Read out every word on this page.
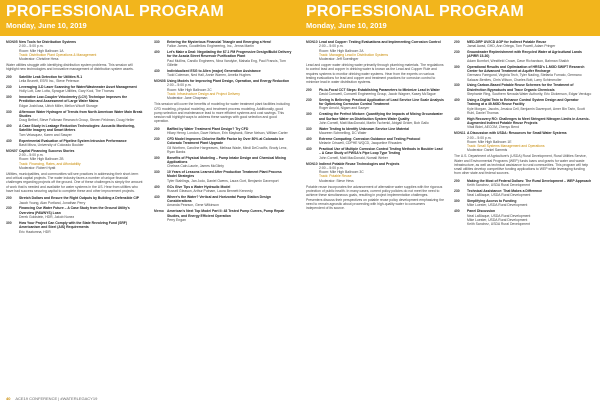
PROFESSIONAL PROGRAM
Monday, June 10, 2019
PROFESSIONAL PROGRAM
Monday, June 10, 2019
MON05 New Tools for Distribution Systems
2:00 – 5:00 p.m.
Room: Mile High Ballroom 1A
Track: Distribution Plant Operations & Management
Moderator: Christine Hess
Water utilities struggle with identifying distribution system problems. This session will highlight new technologies and innovative management of distribution system assets.
200 Satellite Leak Detection for Utilities R-1
Leila Brunett, ESRI Inc., Steve Peterson
230 Leveraging 3-D Laser Scanning for Water/Wastewater Asset Management
Holly Lott, Dan Lotta, Sprague Utilities, Gary Kool, The Thomas
300 Innovative Low-Coupler Velocimetry (LCV) Technique Improves the Prediction and Assessment of Large Water Mains
Edgar Joshi/usa, Ulrich Miller, Mellon Wicoff Storage
330 Afternoon Water Hydrogen of Trends from North American Water Main Break Studies
Doug Bethel, Steve Folkman Research Group, Steven Feldman, Doug Heller
400 A Case Study in Leakage Reduction Technologies: Acoustic Monitoring, Satellite Imagery and Smart Meters
Tom Velasquez, Karen and Sawyer
430 Experimental Evaluation of Pipeline System Intrusion Performance
Basit Mirza, University of Colorado Boulder
MON07 Capital Financing Success Stories
2:00 – 5:00 p.m.
Room: Mile High Ballroom 2B
Track: Financing, Rates, and Affordability
Moderator: Robert Hyatt
Utilities, municipalities, and communities will see practices in addressing their short-term and critical capital projects. The water industry faces a number of unique financial challenges regarding projects off the ground. One of these challenges is simply the amount of work that is needed and available for water systems in the US. Hear from utilities who have had success securing capital to complete these and other improvement projects.
200 Stretch Dollars and Ensure the Right Outputs by Building a Defensible CIP
Jacob Young, Alan Portland, Jonathan Perry
230 Financing Our Water Future – A Case Study from the Ground Utility's Overview (PAWNYS) Loan
Derek Goldstein, HDR, Jakob Nunez
300 How Your Project Can Comply with the State Revolving Fund (SRF) Americanism and Steel (AIS) Requirements
Eric Haatumna, HDR
330 Entering the Mysterious Financial Triangle and Emerging a Hero!
Fallon James, Goodfellow Engineering, Inc., Jenna Martin
400 Let's Make a Deal: Negotiating the $7.1 FM Progressive Design/Build Delivery for the Acacia Street Reservoir Purification Plant
Paul Mullins, Candlo Engineers, Nina Vandyke, Mahala Eng, Paul Francis, Tom Gillette
430 Individualized ESG to Alien (major) Generation Assistance
Todd Coleman, Ned Hall, Annie Warren, Amelia Hughes
MON08 Using Models for Improving Plant Design, Operation, and Energy Reduction
2:00 – 5:00 p.m.
Room: Mile High Ballroom 2C
Track: Infrastructure Design and Project Delivery
Moderator: Jane Chapman
This session will cover the benefits of modeling for water treatment plant facilities including CFD modeling, physical modeling, and treatment process modeling. Additionally, good pump selection and maintenance lead to more efficient systems and cost savings. This session will highlight ways to address these savings with good selection and good operation.
200 Baffled by Water Treatment Plant Design? Try CFD
Hilary Henry, London, Dave Nelson, Erin Maybank, Steve Nelson, William Carter
230 CFD Model Improves Chlorine Baffle Factor by Over 80% at Colorado Ice Colorado Treatment Plant Upgrade
Gil Worthen, Caroline Hargreaves, Melissa Wade, Mindi DeCrucifix, Brody Lenz, Ryan Banks
300 Benefits of Physical Modeling – Pump Intake Design and Chemical Mixing Applications
Chelsea Cain-Laurie, James McGlinty
330 10 Years of Lessons Learned After Production Treatment Plant Process Model Strategies
Tyler Stahlings, Jan Jodo, Daniel Owens, Laura Gort, Benjamin Davenport
400 GCs Give Tips a Water Hydraulic Model
Russell Gleason, Arthur Putnam, Laura Bennett Kennedy
430 Where's the Water? Vertical and Horizontal Pump Station Design Considerations
Amanda Pearson, Gene Wilkinson
Memo American's Next Top Model Part II: 48 Tested Pump Curves, Pump Repair Studies, and Energy Efficient Operation
Perry Engan
MON10 Lead and Copper: Testing Evaluations and Implementing Corrosion Control
2:00 – 5:00 p.m.
Room: Mile High Ballroom 2A
Track: Managing Lead in Distribution Systems
Moderator: Jeff Soenthger
Lead and copper water drinking water primarily through plumbing materials. The regulations to control lead and copper in drinking water is known as the Lead and Copper Rule and requires systems to monitor drinking water systems. Hear from the experts on various testing evaluations for lead and copper and treatment practices for corrosion control to minimize lead in water distribution systems.
200 Pb-to-Focal CCT Steps: Establishing Parameters to Minimize Lead in Water
David Cornwell, Cornwell Engineering Group, Jacob Wagner, Kasey McTague
230 Seeing Is Believing: Practical Application of Lead Service Line Scale Analysis for Optimizing Corrosion Control Treatment
Roger Arnold, Nigam and Sawyer
300 Creating the Perfect Mixture: Quantifying the Impacts of Mixing Groundwater and Surface Water on Distribution System Water Quality
John Cornell, Matt MacDonald, Martin Tschenkl, Abigail Grider, Bob Gallo
330 Water Testing to Identify Unknown Service Line Material
Maureen Schmelling, DC Water
400 Extreme Computing: Corrosion Guidance and Testing Protocol
Melanie Criswell, CDPHE WQCD, Jacqueline Rhoades
430 Practical Use of Multiple Corrosion Control Testing Methods in Boulder Lead – A Case Study of PWSA's Pipe Loop Type Testing
John Cornell, Matt MacDonald, Nomali Weber
MON10 Indirect Potable Reuse Technologies and Projects
2:00 – 5:00 p.m.
Room: Mile High Ballroom 3C
Track: Potable Reuse
Moderator: Steve Hess
Potable reuse incorporates the advancement of alternative water supplies with the rigorous protection of public health. In many cases, current policy policies do not meet the need to achieve these simultaneous goals, resulting in project implementation challenges. Presenters discuss their perspectives on potable reuse policy development emphasizing the need to remain agnostic about proceeding with high-quality water to consumers independent of its source.
200 MED-DRP UV/ICD AOP for Indirect Potable Reuse
Jamal Awad, GHD, Ann Ortega, Tom Powell, Adam Pringer
230 Groundwater Replenishment with Recycled Water at Agricultural Lands (APIRR 15-30)
Adam Bomfort, Westfield Crown, Dave Richardson, Bahman Shaikh
300 Operational Results and Optimization of HRSD's 1-MGD SWIFT Research Center for Advanced Treatment at Aquifer Recharge
Germano Faregund, Virginia Tech, Tyler Nading, Stefania Furnato, Germano Salazar-Benites, Chris Wilson, Charles Bott, Larry Schimmoller
330 Using Carbon-Based Potable Reuse Schemes for the Treatment of Disinfection Byproducts and Trace Organic Chemicals
Stephanie Ring, Southern Nevada Water Authority, Eric Dickenson, Edgar Verdugo
400 Using a Digital Twin to Enhance Control System Design and Operator Training at a 49-MGD Reuse Facility
Kyle Morgan, Jacobs, Jessica Cell, Benjamin Davenport, Amer Bin Tarin, Scott Ruhl, Daniel Thomas
430 High Recovery RO: Challenges to Meet Stringent Nitrogen Limits in Arsenic-Augmented Indirect Potable Reuse Projects
Vitali Bidel, AECOM, Zhenyu Bend
MON11 A Discussion with USDA: Resources for Small Water Systems
2:00 – 5:00 p.m.
Room: Mile High Ballroom 1E
Track: Small Systems Management and Operations
Moderator: Daniel Sammis
The U.S. Department of Agriculture's (USDA) Rural Development, Rural Utilities Service, Water and Environmental Programs (WEP) funds loans and grants for water and waste infrastructure, as well as technical assistance to rural communities. This program will help small utilities develop competitive funding applications to WEP while leveraging funding from other state and federal sources.
200 Making the Most of Federal Dollars: The Rural Development – WEP Approach
Keith Sanchez, USDA Rural Development
230 Technical Assistance: That Makes a Difference
Neal LaBlaque, USDA Rural Development
300 Simplifying Access to Funding
Mike Luester, USDA Rural Development
400 Panel Discussion
Neal LaBlaque, USDA Rural Development
Mike Luester, USDA Rural Development
Keith Sanchez, USDA Rural Development
40 ACE19 CONFERENCE | #WATERLEGACY19
